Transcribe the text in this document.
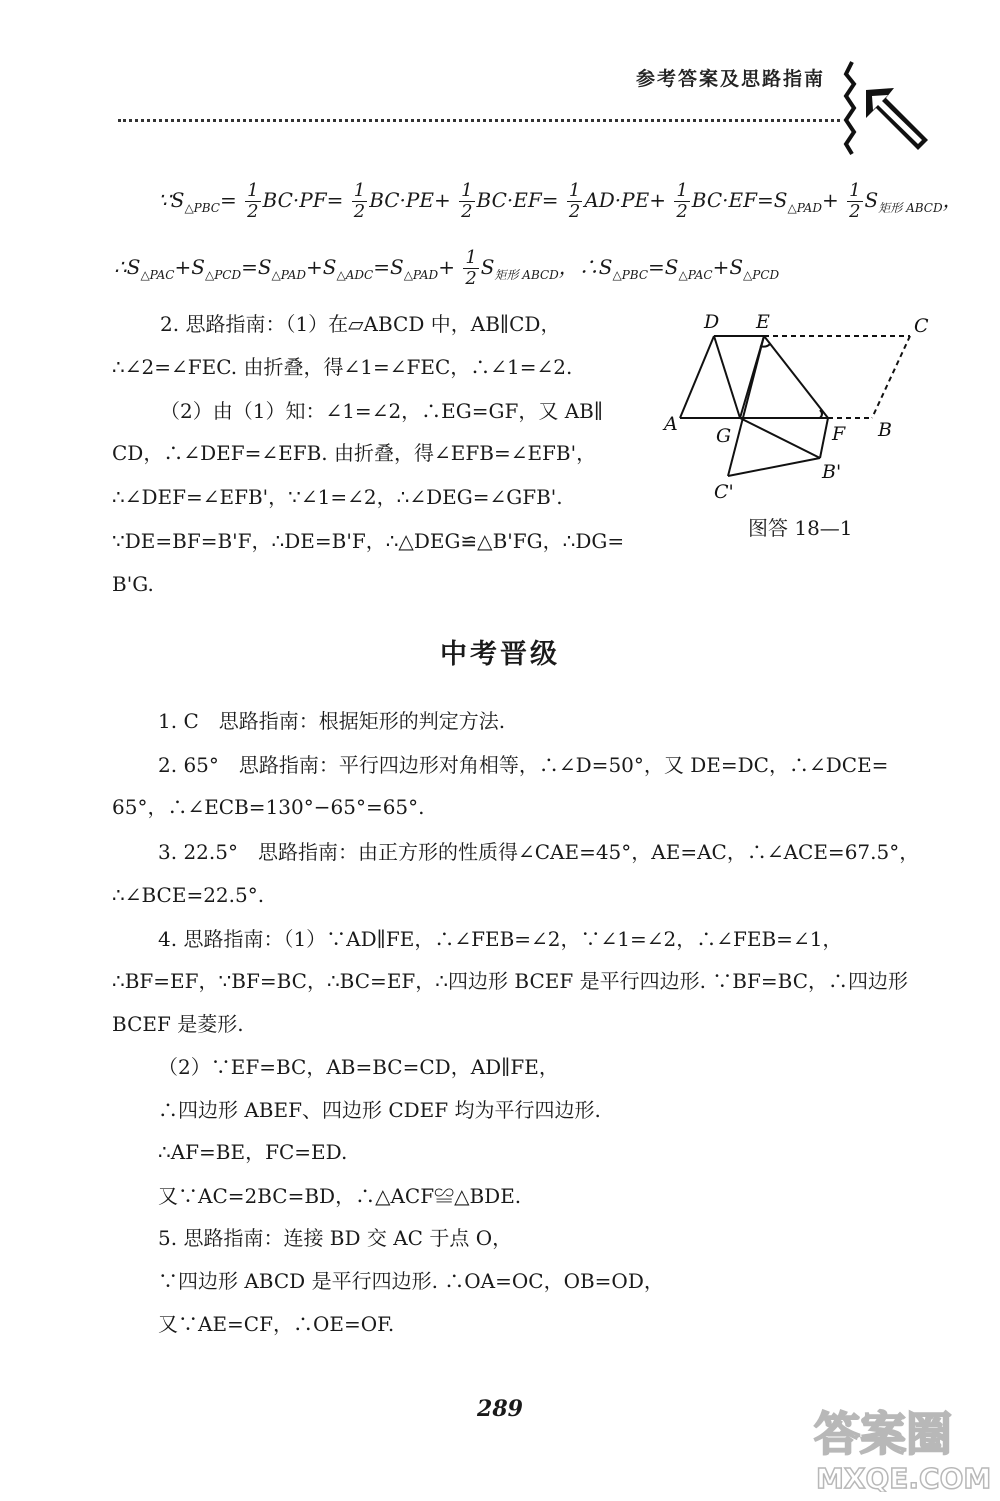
参考答案及思路指南
$\because S_{\triangle PBC}= \frac{1}{2} BC\cdot PF= \frac{1}{2} BC\cdot PE+ \frac{1}{2} BC\cdot EF= \frac{1}{2} AD\cdot PE+ \frac{1}{2} BC\cdot EF=S_{\triangle PAD}+ \frac{1}{2} S_{矩形 ABCD}$，
$\therefore S_{\triangle PAC}+S_{\triangle PCD}=S_{\triangle PAD}+S_{\triangle ADC}=S_{\triangle PAD}+ \frac{1}{2} S_{矩形 ABCD}$，$\therefore S_{\triangle PBC}=S_{\triangle PAC}+S_{\triangle PCD}$
2. 思路指南：（1）在▱ABCD 中，AB∥CD，
∴∠2=∠FEC. 由折叠，得∠1=∠FEC，∴∠1=∠2.
（2）由（1）知：∠1=∠2，∴EG=GF，又 AB∥
CD，∴∠DEF=∠EFB. 由折叠，得∠EFB=∠EFB'，
∴∠DEF=∠EFB'，∵∠1=∠2，∴∠DEG=∠GFB'.
∵DE=BF=B'F，∴DE=B'F，∴△DEG≌△B'FG，∴DG=
B'G.
D E	C
A
G	F B
B'
C'
图答 18—1
中考晋级
1. C　思路指南：根据矩形的判定方法.
2. 65°　思路指南：平行四边形对角相等，∴∠D=50°，又 DE=DC，∴∠DCE=
65°，∴∠ECB=130°−65°=65°.
3. 22.5°　思路指南：由正方形的性质得∠CAE=45°，AE=AC，∴∠ACE=67.5°，
∴∠BCE=22.5°.
4. 思路指南：（1）∵AD∥FE，∴∠FEB=∠2，∵∠1=∠2，∴∠FEB=∠1，
∴BF=EF，∵BF=BC，∴BC=EF，∴四边形 BCEF 是平行四边形. ∵BF=BC，∴四边形
BCEF 是菱形.
（2）∵EF=BC，AB=BC=CD，AD∥FE，
∴四边形 ABEF、四边形 CDEF 均为平行四边形.
∴AF=BE，FC=ED.
又∵AC=2BC=BD，∴△ACF≌△BDE.
5. 思路指南：连接 BD 交 AC 于点 O，
∵四边形 ABCD 是平行四边形. ∴OA=OC，OB=OD，
又∵AE=CF，∴OE=OF.
289	答案圈
MXQE.COM
